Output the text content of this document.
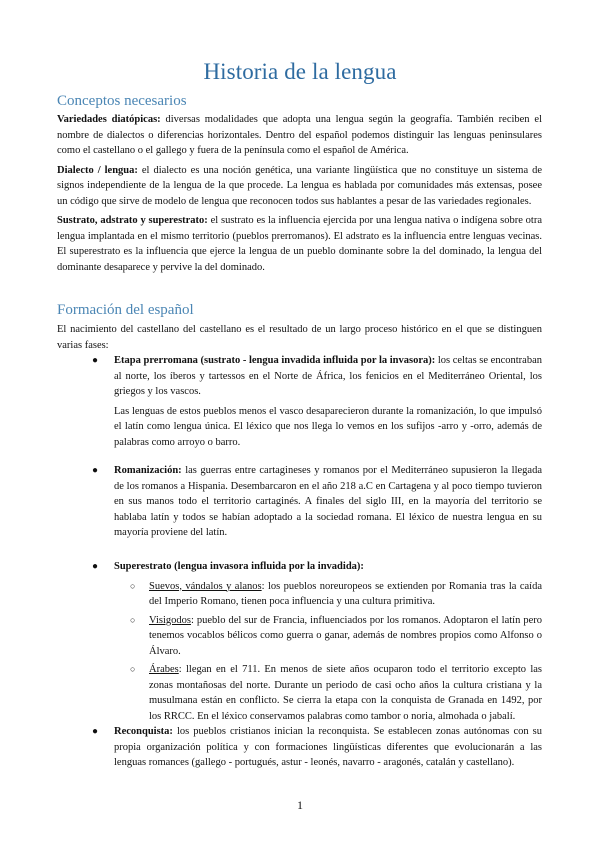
Historia de la lengua
Conceptos necesarios

Variedades diatópicas: diversas modalidades que adopta una lengua según la geografía. También reciben el nombre de dialectos o diferencias horizontales. Dentro del español podemos distinguir las lenguas peninsulares como el castellano o el gallego y fuera de la península como el español de América.

Dialecto / lengua: el dialecto es una noción genética, una variante lingüística que no constituye un sistema de signos independiente de la lengua de la que procede. La lengua es hablada por comunidades más extensas, posee un código que sirve de modelo de lengua que reconocen todos sus hablantes a pesar de las variedades regionales.

Sustrato, adstrato y superestrato: el sustrato es la influencia ejercida por una lengua nativa o indígena sobre otra lengua implantada en el mismo territorio (pueblos prerromanos). El adstrato es la influencia entre lenguas vecinas. El superestrato es la influencia que ejerce la lengua de un pueblo dominante sobre la del dominado, la lengua del dominante desaparece y pervive la del dominado.

Formación del español

El nacimiento del castellano del castellano es el resultado de un largo proceso histórico en el que se distinguen varias fases:

● Etapa prerromana (sustrato - lengua invadida influida por la invasora): los celtas se encontraban al norte, los íberos y tartessos en el Norte de África, los fenicios en el Mediterráneo Oriental, los griegos y los vascos.

Las lenguas de estos pueblos menos el vasco desaparecieron durante la romanización, lo que impulsó el latín como lengua única. El léxico que nos llega lo vemos en los sufijos -arro y -orro, además de palabras como arroyo o barro.

● Romanización: las guerras entre cartagineses y romanos por el Mediterráneo supusieron la llegada de los romanos a Hispania. Desembarcaron en el año 218 a.C en Cartagena y al poco tiempo tuvieron en sus manos todo el territorio cartaginés. A finales del siglo III, en la mayoría del territorio se hablaba latín y todos se habían adoptado a la sociedad romana. El léxico de nuestra lengua en su mayoría proviene del latín.

● Superestrato (lengua invasora influida por la invadida):

○ Suevos, vándalos y alanos: los pueblos noreuropeos se extienden por Romania tras la caída del Imperio Romano, tienen poca influencia y una cultura primitiva.
○ Visigodos: pueblo del sur de Francia, influenciados por los romanos. Adoptaron el latín pero tenemos vocablos bélicos como guerra o ganar, además de nombres propios como Alfonso o Álvaro.
○ Árabes: llegan en el 711. En menos de siete años ocuparon todo el territorio excepto las zonas montañosas del norte. Durante un periodo de casi ocho años la cultura cristiana y la musulmana están en conflicto. Se cierra la etapa con la conquista de Granada en 1492, por los RRCC. En el léxico conservamos palabras como tambor o noria, almohada o jabalí.
● Reconquista: los pueblos cristianos inician la reconquista. Se establecen zonas autónomas con su propia organización política y con formaciones lingüísticas diferentes que evolucionarán a las lenguas romances (gallego - portugués, astur - leonés, navarro - aragonés, catalán y castellano).

1
